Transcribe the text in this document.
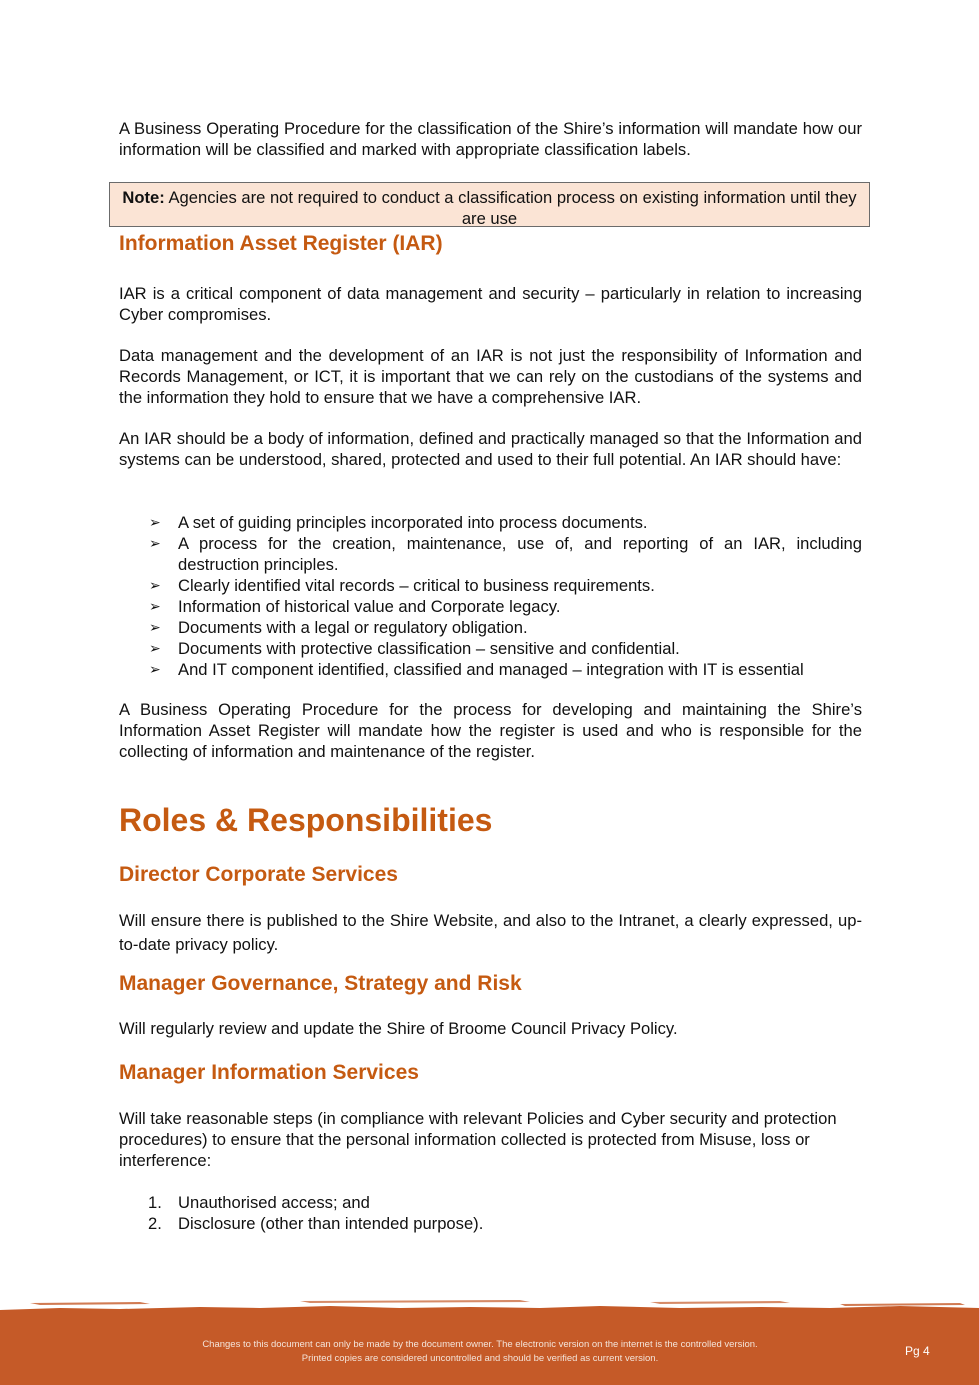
A Business Operating Procedure for the classification of the Shire’s information will mandate how our information will be classified and marked with appropriate classification labels.

Note: Agencies are not required to conduct a classification process on existing information until they are use
Information Asset Register (IAR)

IAR is a critical component of data management and security – particularly in relation to increasing Cyber compromises.

Data management and the development of an IAR is not just the responsibility of Information and Records Management, or ICT, it is important that we can rely on the custodians of the systems and the information they hold to ensure that we have a comprehensive IAR.

An IAR should be a body of information, defined and practically managed so that the Information and systems can be understood, shared, protected and used to their full potential. An IAR should have:

➢ A set of guiding principles incorporated into process documents.
➢ A process for the creation, maintenance, use of, and reporting of an IAR, including destruction principles.
➢ Clearly identified vital records – critical to business requirements.
➢ Information of historical value and Corporate legacy.
➢ Documents with a legal or regulatory obligation.
➢ Documents with protective classification – sensitive and confidential.
➢ And IT component identified, classified and managed – integration with IT is essential

A Business Operating Procedure for the process for developing and maintaining the Shire’s Information Asset Register will mandate how the register is used and who is responsible for the collecting of information and maintenance of the register.

Roles & Responsibilities
Director Corporate Services

Will ensure there is published to the Shire Website, and also to the Intranet, a clearly expressed, up-to-date privacy policy.

Manager Governance, Strategy and Risk

Will regularly review and update the Shire of Broome Council Privacy Policy.

Manager Information Services

Will take reasonable steps (in compliance with relevant Policies and Cyber security and protection procedures) to ensure that the personal information collected is protected from Misuse, loss or interference:

1. Unauthorised access; and
2. Disclosure (other than intended purpose).
Changes to this document can only be made by the document owner. The electronic version on the internet is the controlled version.
Printed copies are considered uncontrolled and should be verified as current version.
Pg 4
